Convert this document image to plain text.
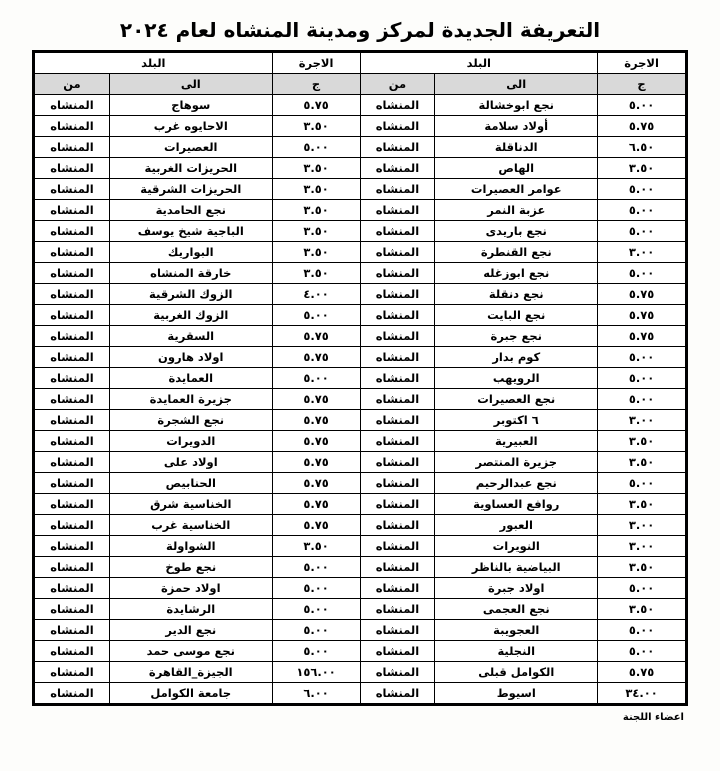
التعريفة الجديدة لمركز ومدينة المنشاه لعام ٢٠٢٤
الاجرة	البلد		الاجرة	البلد	
ج	الى	من	ج	الى	من
٥.٠٠	نجع ابوخشالة	المنشاه	٥.٧٥	سوهاج	المنشاه
٥.٧٥	أولاد سلامة	المنشاه	٣.٥٠	الاحايوه غرب	المنشاه
٦.٥٠	الدناقلة	المنشاه	٥.٠٠	العصيرات	المنشاه
٣.٥٠	الهاص	المنشاه	٣.٥٠	الحريزات الغربية	المنشاه
٥.٠٠	عوامر العصيرات	المنشاه	٣.٥٠	الحريزات الشرقية	المنشاه
٥.٠٠	عزبة النمر	المنشاه	٣.٥٠	نجع الحامدية	المنشاه
٥.٠٠	نجع باريدى	المنشاه	٣.٥٠	الباجية شيخ يوسف	المنشاه
٣.٠٠	نجع القنطرة	المنشاه	٣.٥٠	البواريك	المنشاه
٥.٠٠	نجع ابوزغله	المنشاه	٣.٥٠	خارقة المنشاه	المنشاه
٥.٧٥	نجع دنقلة	المنشاه	٤.٠٠	الزوك الشرقية	المنشاه
٥.٧٥	نجع البايت	المنشاه	٥.٠٠	الزوك الغربية	المنشاه
٥.٧٥	نجع جبرة	المنشاه	٥.٧٥	السقرية	المنشاه
٥.٠٠	كوم بدار	المنشاه	٥.٧٥	اولاد هارون	المنشاه
٥.٠٠	الرويهب	المنشاه	٥.٠٠	العمايدة	المنشاه
٥.٠٠	نجع العصيرات	المنشاه	٥.٧٥	جزيرة العمايدة	المنشاه
٣.٠٠	٦ اكتوبر	المنشاه	٥.٧٥	نجع الشجرة	المنشاه
٣.٥٠	العبيرية	المنشاه	٥.٧٥	الدويرات	المنشاه
٣.٥٠	جزيرة المنتصر	المنشاه	٥.٧٥	اولاد على	المنشاه
٥.٠٠	نجع عبدالرحيم	المنشاه	٥.٧٥	الحنابيص	المنشاه
٣.٥٠	روافع العساوية	المنشاه	٥.٧٥	الخناسية شرق	المنشاه
٣.٠٠	العبور	المنشاه	٥.٧٥	الخناسية غرب	المنشاه
٣.٠٠	النويرات	المنشاه	٣.٥٠	الشواولة	المنشاه
٣.٥٠	البياضية بالناظر	المنشاه	٥.٠٠	نجع طوخ	المنشاه
٥.٠٠	اولاد جبرة	المنشاه	٥.٠٠	اولاد حمزة	المنشاه
٣.٥٠	نجع العجمى	المنشاه	٥.٠٠	الرشايدة	المنشاه
٥.٠٠	العجويبة	المنشاه	٥.٠٠	نجع الدير	المنشاه
٥.٠٠	النجلية	المنشاه	٥.٠٠	نجع موسى حمد	المنشاه
٥.٧٥	الكوامل قبلى	المنشاه	١٥٦.٠٠	الجيزة_القاهرة	المنشاه
٣٤.٠٠	اسيوط	المنشاه	٦.٠٠	جامعة الكوامل	المنشاه
اعضاء اللجنة
